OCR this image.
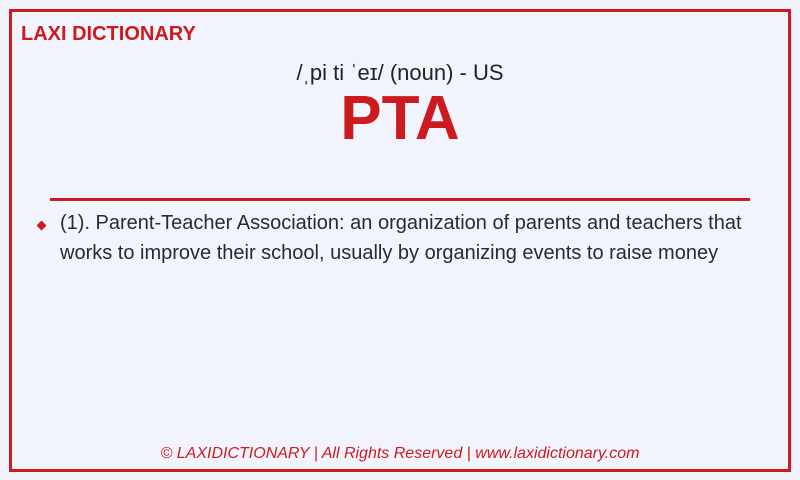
LAXI DICTIONARY
/ˌpi ti ˈeɪ/ (noun) - US
PTA
(1). Parent-Teacher Association: an organization of parents and teachers that works to improve their school, usually by organizing events to raise money
© LAXIDICTIONARY | All Rights Reserved | www.laxidictionary.com
